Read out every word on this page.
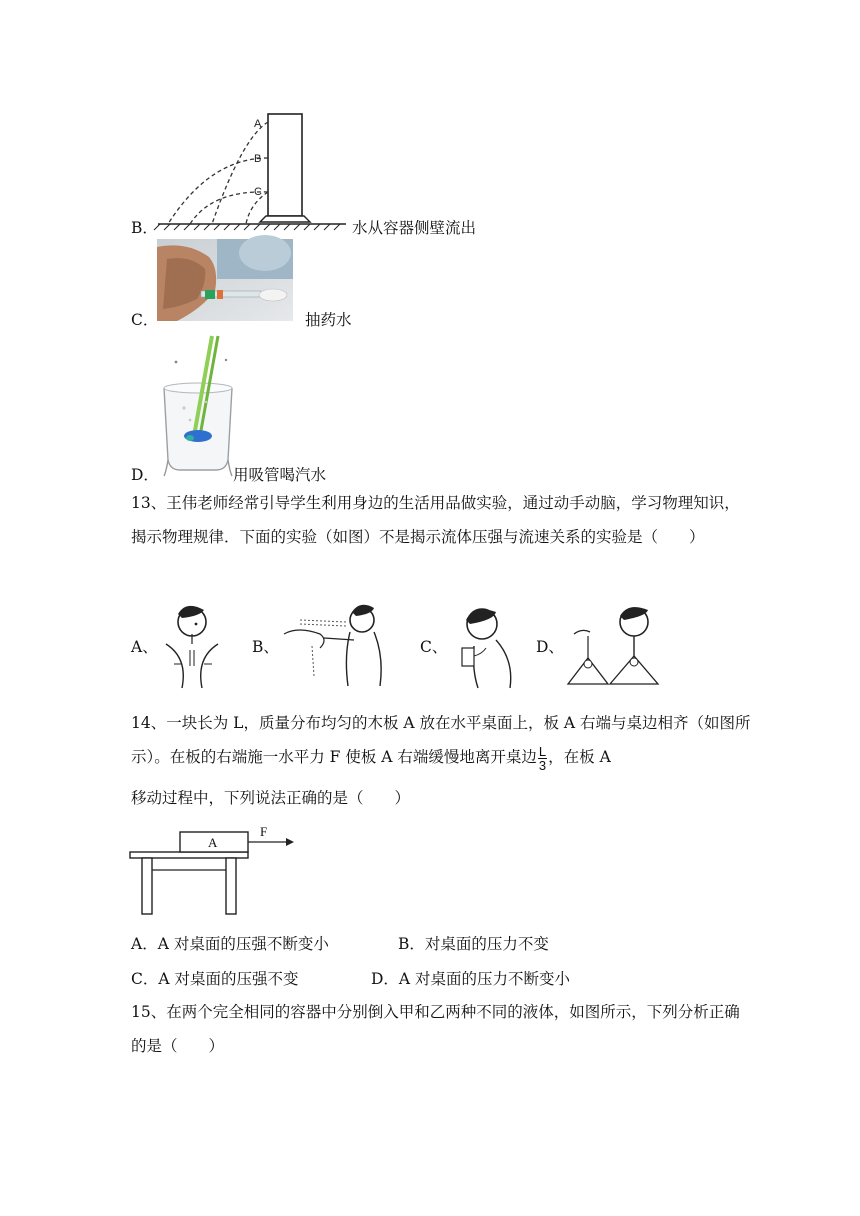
A
B
C
B．	水从容器侧壁流出
C．	抽药水
D．	用吸管喝汽水
13、王伟老师经常引导学生利用身边的生活用品做实验，通过动手动脑，学习物理知识，揭示物理规律．下面的实验（如图）不是揭示流体压强与流速关系的实验是（　　）
A、	B、	C、	D、
14、一块长为 L，质量分布均匀的木板 A 放在水平桌面上，板 A 右端与桌边相齐（如图所示）。在板的右端施一水平力 F 使板 A 右端缓慢地离开桌边 $\frac{L}{3}$ ，在板 A
移动过程中，下列说法正确的是（　　）
A
F
A．A 对桌面的压强不断变小	B．对桌面的压力不变
C．A 对桌面的压强不变	D．A 对桌面的压力不断变小
15、在两个完全相同的容器中分别倒入甲和乙两种不同的液体，如图所示，下列分析正确的是（　　）
